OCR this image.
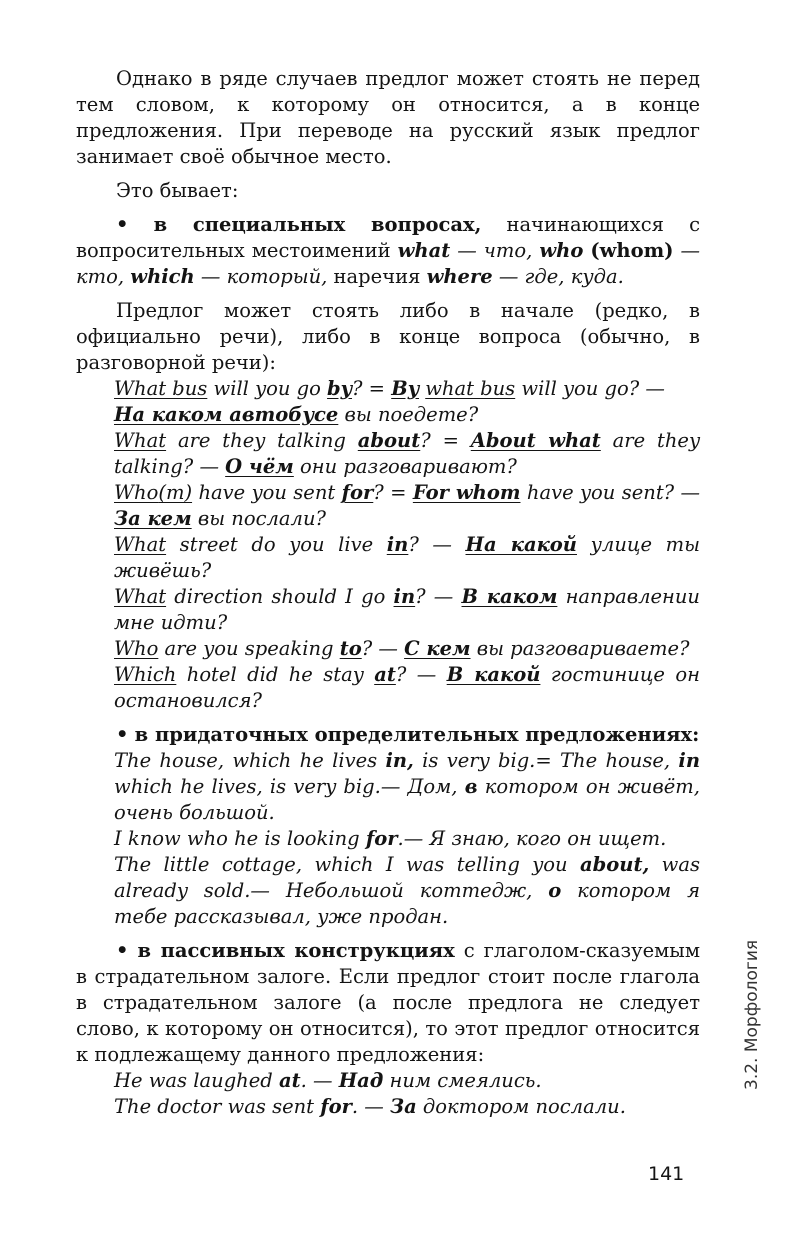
Однако в ряде случаев предлог может стоять не перед тем словом, к которому он относится, а в конце предложения. При переводе на русский язык предлог занимает своё обычное место.

Это бывает:

• в специальных вопросах, начинающихся с вопросительных местоимений what — что, who (whom) — кто, which — который, наречия where — где, куда.

Предлог может стоять либо в начале (редко, в официально речи), либо в конце вопроса (обычно, в разговорной речи):

What bus will you go by? = By what bus will you go? —
На каком автобусе вы поедете?

What are they talking about? = About what are they talking? — О чём они разговаривают?

Who(m) have you sent for? = For whom have you sent? — За кем вы послали?

What street do you live in? — На какой улице ты живёшь?

What direction should I go in? — В каком направлении мне идти?

Who are you speaking to? — С кем вы разговариваете?

Which hotel did he stay at? — В какой гостинице он остановился?

• в придаточных определительных предложениях:

The house, which he lives in, is very big.= The house, in which he lives, is very big.— Дом, в котором он живёт, очень большой.

I know who he is looking for.— Я знаю, кого он ищет.

The little cottage, which I was telling you about, was already sold.— Небольшой коттедж, о котором я тебе рассказывал, уже продан.

• в пассивных конструкциях с глаголом-сказуемым в страдательном залоге. Если предлог стоит после глагола в страдательном залоге (а после предлога не следует слово, к которому он относится), то этот предлог относится к подлежащему данного предложения:

He was laughed at. — Над ним смеялись.

The doctor was sent for. — За доктором послали.

141
3.2. Морфология
